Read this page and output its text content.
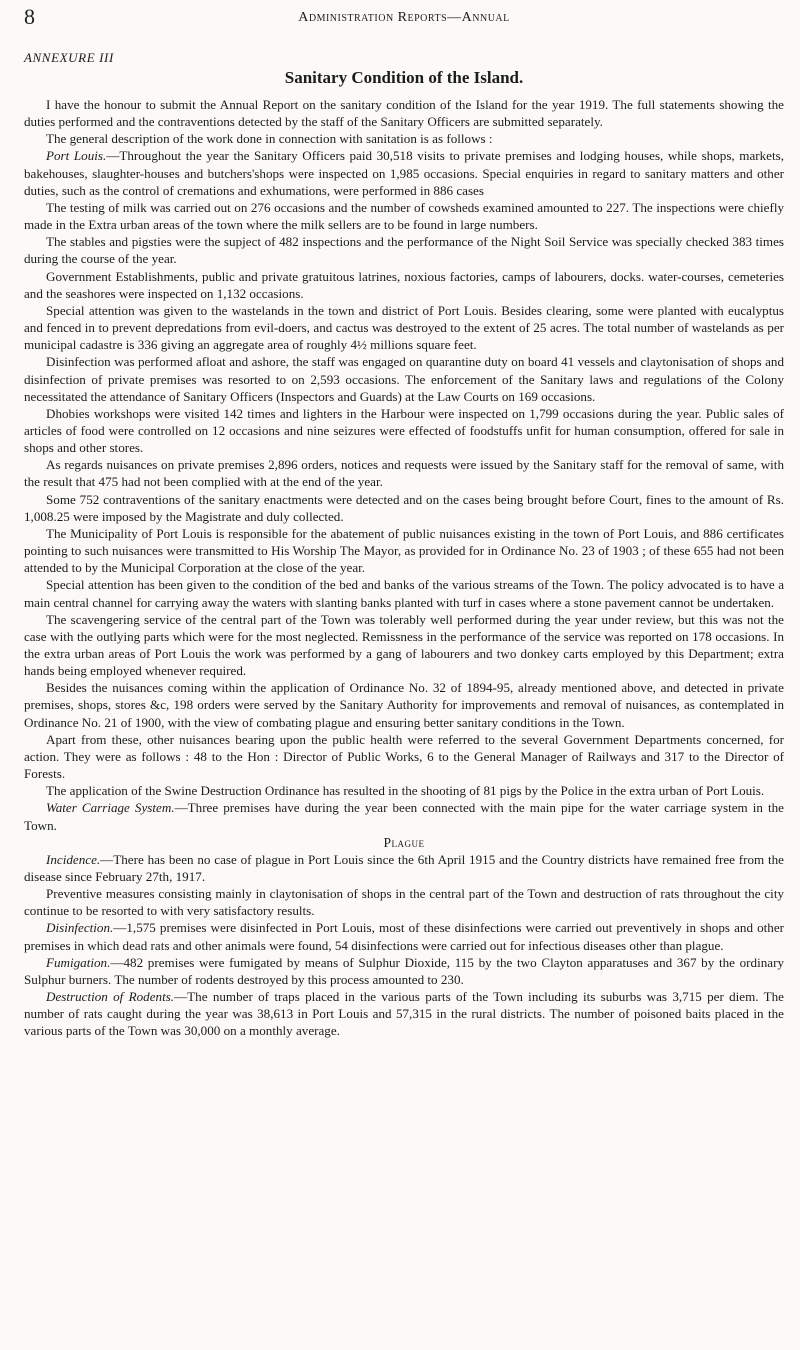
8	Administration Reports—Annual

ANNEXURE III

Sanitary Condition of the Island.

I have the honour to submit the Annual Report on the sanitary condition of the Island for the year 1919. The full statements showing the duties performed and the contraventions detected by the staff of the Sanitary Officers are submitted separately.

The general description of the work done in connection with sanitation is as follows :

Port Louis.—Throughout the year the Sanitary Officers paid 30,518 visits to private premises and lodging houses, while shops, markets, bakehouses, slaughter-houses and butchers'shops were inspected on 1,985 occasions. Special enquiries in regard to sanitary matters and other duties, such as the control of cremations and exhumations, were performed in 886 cases

The testing of milk was carried out on 276 occasions and the number of cowsheds examined amounted to 227. The inspections were chiefly made in the Extra urban areas of the town where the milk sellers are to be found in large numbers.

The stables and pigsties were the supject of 482 inspections and the performance of the Night Soil Service was specially checked 383 times during the course of the year.

Government Establishments, public and private gratuitous latrines, noxious factories, camps of labourers, docks. water-courses, cemeteries and the seashores were inspected on 1,132 occasions.

Special attention was given to the wastelands in the town and district of Port Louis. Besides clearing, some were planted with eucalyptus and fenced in to prevent depredations from evil-doers, and cactus was destroyed to the extent of 25 acres. The total number of wastelands as per municipal cadastre is 336 giving an aggregate area of roughly 4½ millions square feet.

Disinfection was performed afloat and ashore, the staff was engaged on quarantine duty on board 41 vessels and claytonisation of shops and disinfection of private premises was resorted to on 2,593 occasions. The enforcement of the Sanitary laws and regulations of the Colony necessitated the attendance of Sanitary Officers (Inspectors and Guards) at the Law Courts on 169 occasions.

Dhobies workshops were visited 142 times and lighters in the Harbour were inspected on 1,799 occasions during the year. Public sales of articles of food were controlled on 12 occasions and nine seizures were effected of foodstuffs unfit for human consumption, offered for sale in shops and other stores.

As regards nuisances on private premises 2,896 orders, notices and requests were issued by the Sanitary staff for the removal of same, with the result that 475 had not been complied with at the end of the year.

Some 752 contraventions of the sanitary enactments were detected and on the cases being brought before Court, fines to the amount of Rs. 1,008.25 were imposed by the Magistrate and duly collected.

The Municipality of Port Louis is responsible for the abatement of public nuisances existing in the town of Port Louis, and 886 certificates pointing to such nuisances were transmitted to His Worship The Mayor, as provided for in Ordinance No. 23 of 1903 ; of these 655 had not been attended to by the Municipal Corporation at the close of the year.

Special attention has been given to the condition of the bed and banks of the various streams of the Town. The policy advocated is to have a main central channel for carrying away the waters with slanting banks planted with turf in cases where a stone pavement cannot be undertaken.

The scavengering service of the central part of the Town was tolerably well performed during the year under review, but this was not the case with the outlying parts which were for the most neglected. Remissness in the performance of the service was reported on 178 occasions. In the extra urban areas of Port Louis the work was performed by a gang of labourers and two donkey carts employed by this Department; extra hands being employed whenever required.

Besides the nuisances coming within the application of Ordinance No. 32 of 1894-95, already mentioned above, and detected in private premises, shops, stores &c, 198 orders were served by the Sanitary Authority for improvements and removal of nuisances, as contemplated in Ordinance No. 21 of 1900, with the view of combating plague and ensuring better sanitary conditions in the Town.

Apart from these, other nuisances bearing upon the public health were referred to the several Government Departments concerned, for action. They were as follows : 48 to the Hon : Director of Public Works, 6 to the General Manager of Railways and 317 to the Director of Forests.

The application of the Swine Destruction Ordinance has resulted in the shooting of 81 pigs by the Police in the extra urban of Port Louis.

Water Carriage System.—Three premises have during the year been connected with the main pipe for the water carriage system in the Town.

Plague

Incidence.—There has been no case of plague in Port Louis since the 6th April 1915 and the Country districts have remained free from the disease since February 27th, 1917.

Preventive measures consisting mainly in claytonisation of shops in the central part of the Town and destruction of rats throughout the city continue to be resorted to with very satisfactory results.

Disinfection.—1,575 premises were disinfected in Port Louis, most of these disinfections were carried out preventively in shops and other premises in which dead rats and other animals were found, 54 disinfections were carried out for infectious diseases other than plague.

Fumigation.—482 premises were fumigated by means of Sulphur Dioxide, 115 by the two Clayton apparatuses and 367 by the ordinary Sulphur burners. The number of rodents destroyed by this process amounted to 230.

Destruction of Rodents.—The number of traps placed in the various parts of the Town including its suburbs was 3,715 per diem. The number of rats caught during the year was 38,613 in Port Louis and 57,315 in the rural districts. The number of poisoned baits placed in the various parts of the Town was 30,000 on a monthly average.
